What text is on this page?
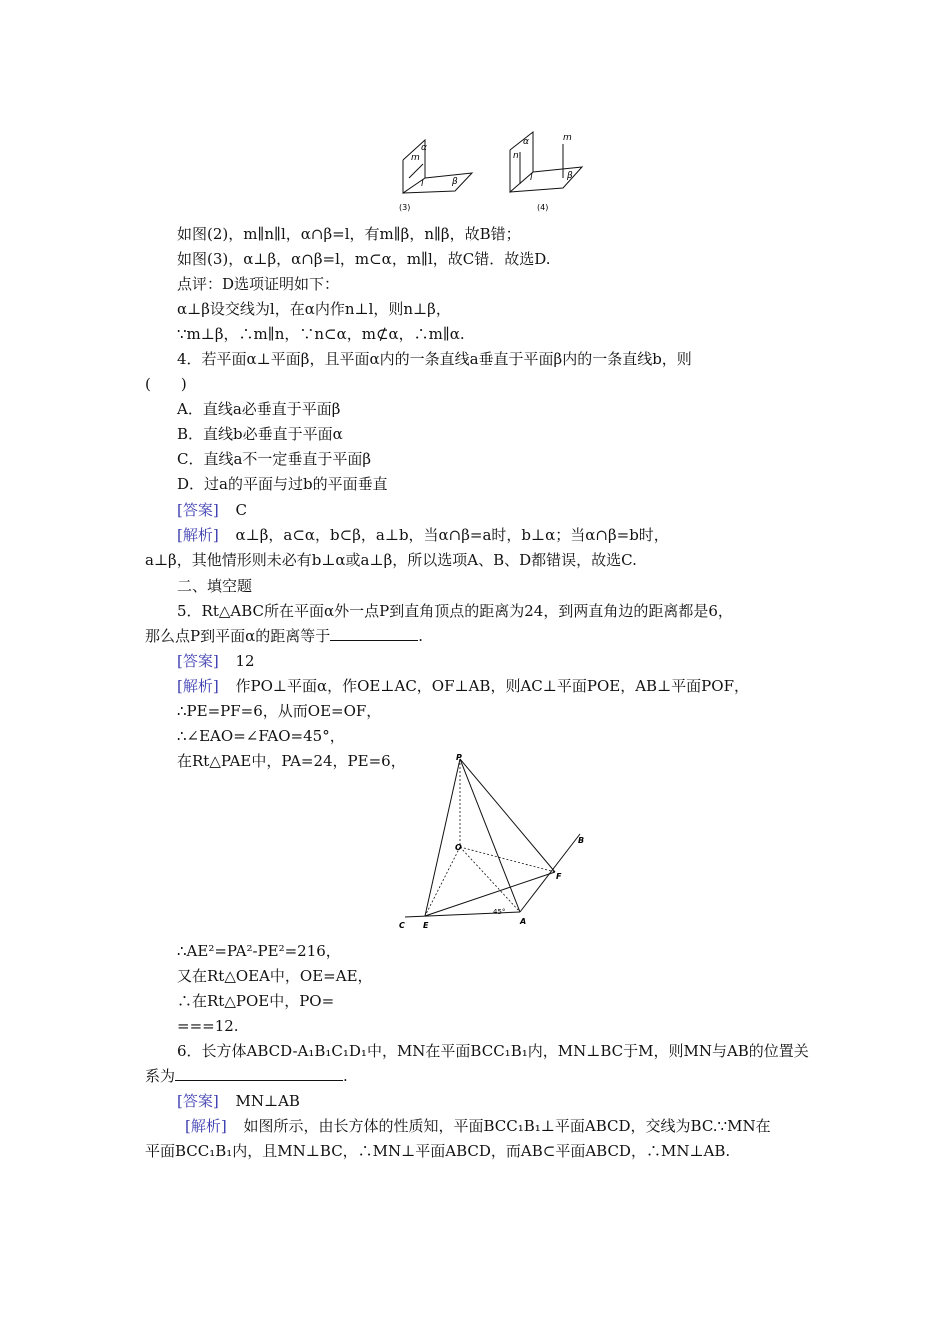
α
m
l	β
(3)
α
n
m
l	β
(4)
如图(2)，m∥n∥l，α∩β=l，有m∥β，n∥β，故B错；
如图(3)，α⊥β，α∩β=l，m⊂α，m∥l，故C错．故选D.
点评：D选项证明如下：
α⊥β设交线为l，在α内作n⊥l，则n⊥β，
∵m⊥β，∴m∥n，∵n⊂α，m⊄α，∴m∥α.
4．若平面α⊥平面β，且平面α内的一条直线a垂直于平面β内的一条直线b，则
(　　)
A．直线a必垂直于平面β
B．直线b必垂直于平面α
C．直线a不一定垂直于平面β
D．过a的平面与过b的平面垂直
[答案] C
[解析] α⊥β，a⊂α，b⊂β，a⊥b，当α∩β=a时，b⊥α；当α∩β=b时，
a⊥β，其他情形则未必有b⊥α或a⊥β，所以选项A、B、D都错误，故选C.
二、填空题
5．Rt△ABC所在平面α外一点P到直角顶点的距离为24，到两直角边的距离都是6，
那么点P到平面α的距离等于	.
[答案] 12
[解析] 作PO⊥平面α，作OE⊥AC，OF⊥AB，则AC⊥平面POE，AB⊥平面POF，
∴PE=PF=6，从而OE=OF，
∴∠EAO=∠FAO=45°，
在Rt△PAE中，PA=24，PE=6，	P
O
B
F
C E	A
45°
∴AE²=PA²-PE²=216，
又在Rt△OEA中，OE=AE，
∴在Rt△POE中，PO=
===12.
6．长方体ABCD-A₁B₁C₁D₁中，MN在平面BCC₁B₁内，MN⊥BC于M，则MN与AB的位置关
系为	.
[答案] MN⊥AB
[解析] 如图所示，由长方体的性质知，平面BCC₁B₁⊥平面ABCD，交线为BC.∵MN在
平面BCC₁B₁内，且MN⊥BC，∴MN⊥平面ABCD，而AB⊂平面ABCD，∴MN⊥AB.
